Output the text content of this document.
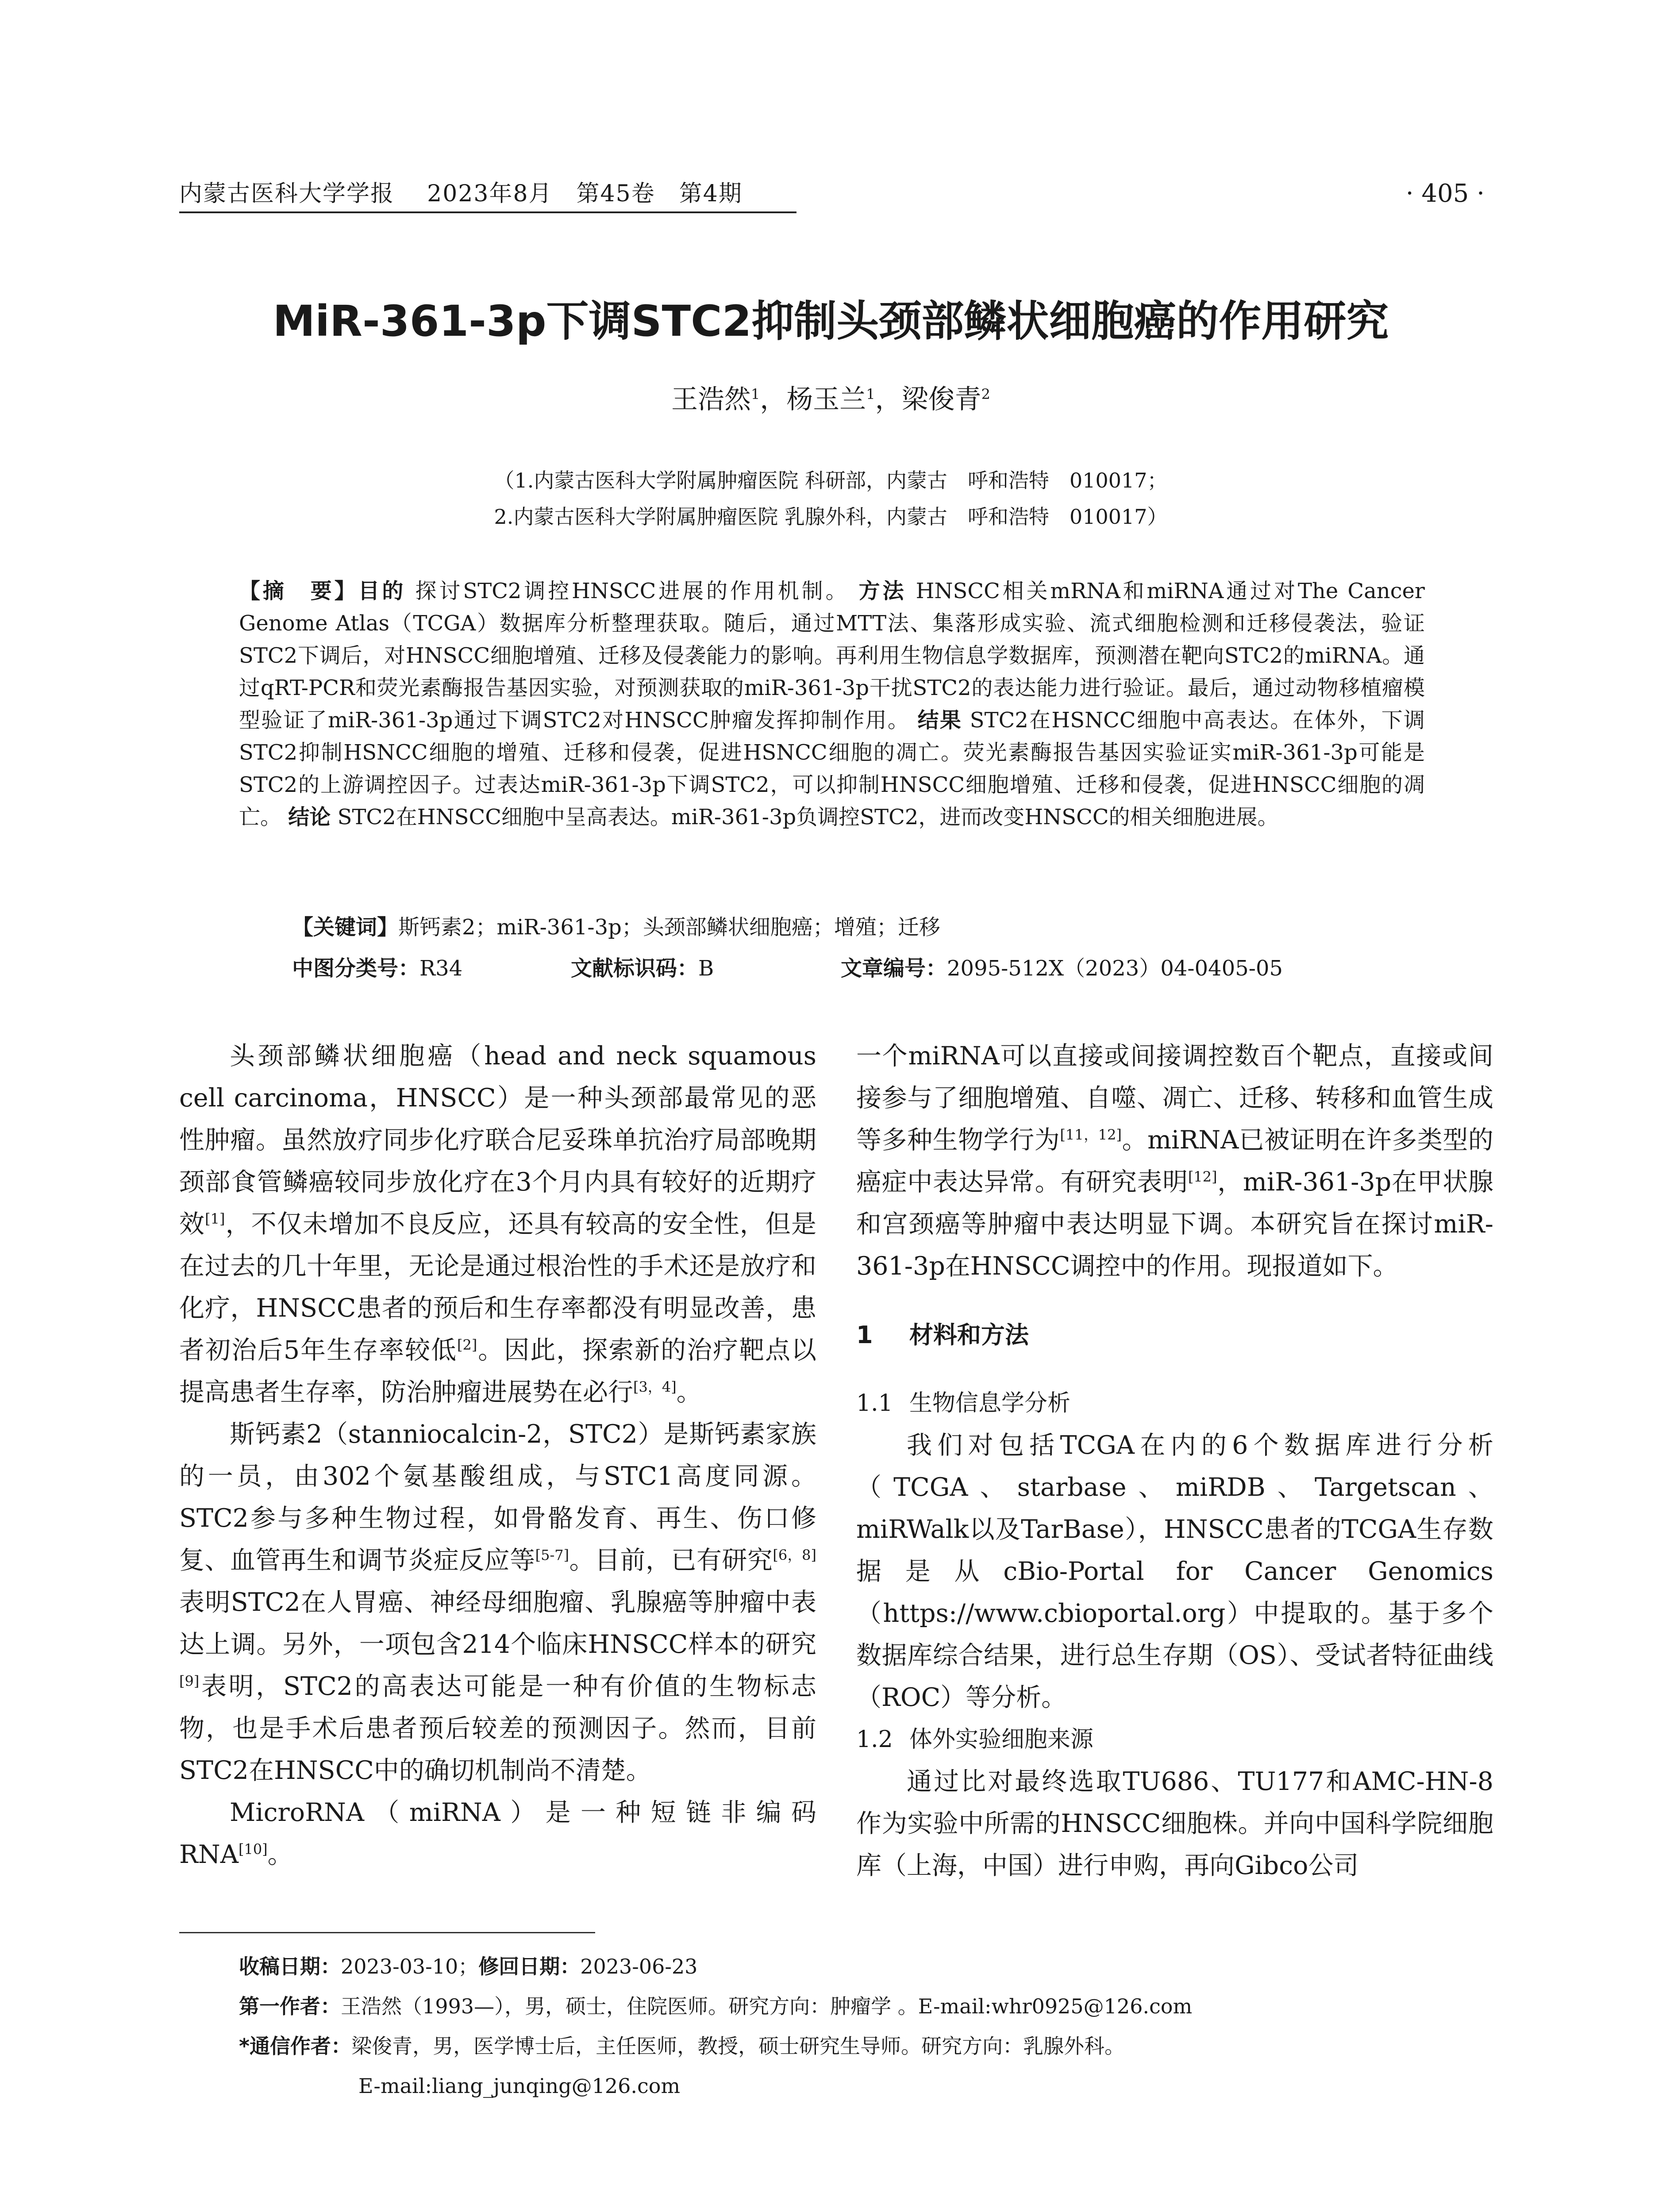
内蒙古医科大学学报 2023年8月　第45卷　第4期	· 405 ·
MiR-361-3p下调STC2抑制头颈部鳞状细胞癌的作用研究
王浩然$^1$，杨玉兰$^1$，梁俊青$^2$
（1.内蒙古医科大学附属肿瘤医院 科研部，内蒙古　呼和浩特　010017；
2.内蒙古医科大学附属肿瘤医院 乳腺外科，内蒙古　呼和浩特　010017）
【摘　要】目的 探讨STC2调控HNSCC进展的作用机制。 方法 HNSCC相关mRNA和miRNA通过对The Cancer Genome Atlas（TCGA）数据库分析整理获取。随后，通过MTT法、集落形成实验、流式细胞检测和迁移侵袭法，验证STC2下调后，对HNSCC细胞增殖、迁移及侵袭能力的影响。再利用生物信息学数据库，预测潜在靶向STC2的miRNA。通过qRT-PCR和荧光素酶报告基因实验，对预测获取的miR-361-3p干扰STC2的表达能力进行验证。最后，通过动物移植瘤模型验证了miR-361-3p通过下调STC2对HNSCC肿瘤发挥抑制作用。 结果 STC2在HSNCC细胞中高表达。在体外，下调STC2抑制HSNCC细胞的增殖、迁移和侵袭，促进HSNCC细胞的凋亡。荧光素酶报告基因实验证实miR-361-3p可能是STC2的上游调控因子。过表达miR-361-3p下调STC2，可以抑制HNSCC细胞增殖、迁移和侵袭，促进HNSCC细胞的凋亡。 结论 STC2在HNSCC细胞中呈高表达。miR-361-3p负调控STC2，进而改变HNSCC的相关细胞进展。
【关键词】斯钙素2；miR-361-3p；头颈部鳞状细胞癌；增殖；迁移
中图分类号：R34	文献标识码：B	文章编号：2095-512X（2023）04-0405-05

头颈部鳞状细胞癌（head and neck squamous cell carcinoma，HNSCC）是一种头颈部最常见的恶性肿瘤。虽然放疗同步化疗联合尼妥珠单抗治疗局部晚期颈部食管鳞癌较同步放化疗在3个月内具有较好的近期疗效[1]，不仅未增加不良反应，还具有较高的安全性，但是在过去的几十年里，无论是通过根治性的手术还是放疗和化疗，HNSCC患者的预后和生存率都没有明显改善，患者初治后5年生存率较低[2]。因此，探索新的治疗靶点以提高患者生存率，防治肿瘤进展势在必行[3，4]。

斯钙素2（stanniocalcin-2，STC2）是斯钙素家族的一员，由302个氨基酸组成，与STC1高度同源。STC2参与多种生物过程，如骨骼发育、再生、伤口修复、血管再生和调节炎症反应等[5-7]。目前，已有研究[6，8]表明STC2在人胃癌、神经母细胞瘤、乳腺癌等肿瘤中表达上调。另外，一项包含214个临床HNSCC样本的研究[9]表明，STC2的高表达可能是一种有价值的生物标志物，也是手术后患者预后较差的预测因子。然而，目前STC2在HNSCC中的确切机制尚不清楚。

MicroRNA（miRNA）是一种短链非编码RNA[10]。

一个miRNA可以直接或间接调控数百个靶点，直接或间接参与了细胞增殖、自噬、凋亡、迁移、转移和血管生成等多种生物学行为[11，12]。miRNA已被证明在许多类型的癌症中表达异常。有研究表明[12]，miR-361-3p在甲状腺和宫颈癌等肿瘤中表达明显下调。本研究旨在探讨miR-361-3p在HNSCC调控中的作用。现报道如下。

1 材料和方法
1.1 生物信息学分析

我们对包括TCGA在内的6个数据库进行分析（TCGA、starbase、miRDB、Targetscan、miRWalk以及TarBase），HNSCC患者的TCGA生存数据是从cBio-Portal for Cancer Genomics（https://www.cbioportal.org）中提取的。基于多个数据库综合结果，进行总生存期（OS）、受试者特征曲线（ROC）等分析。

1.2 体外实验细胞来源

通过比对最终选取TU686、TU177和AMC-HN-8作为实验中所需的HNSCC细胞株。并向中国科学院细胞库（上海，中国）进行申购，再向Gibco公司

收稿日期：2023-03-10；修回日期：2023-06-23
第一作者：王浩然（1993—），男，硕士，住院医师。研究方向：肿瘤学 。E-mail:whr0925@126.com
*通信作者：梁俊青，男，医学博士后，主任医师，教授，硕士研究生导师。研究方向：乳腺外科。
E-mail:liang_junqing@126.com
